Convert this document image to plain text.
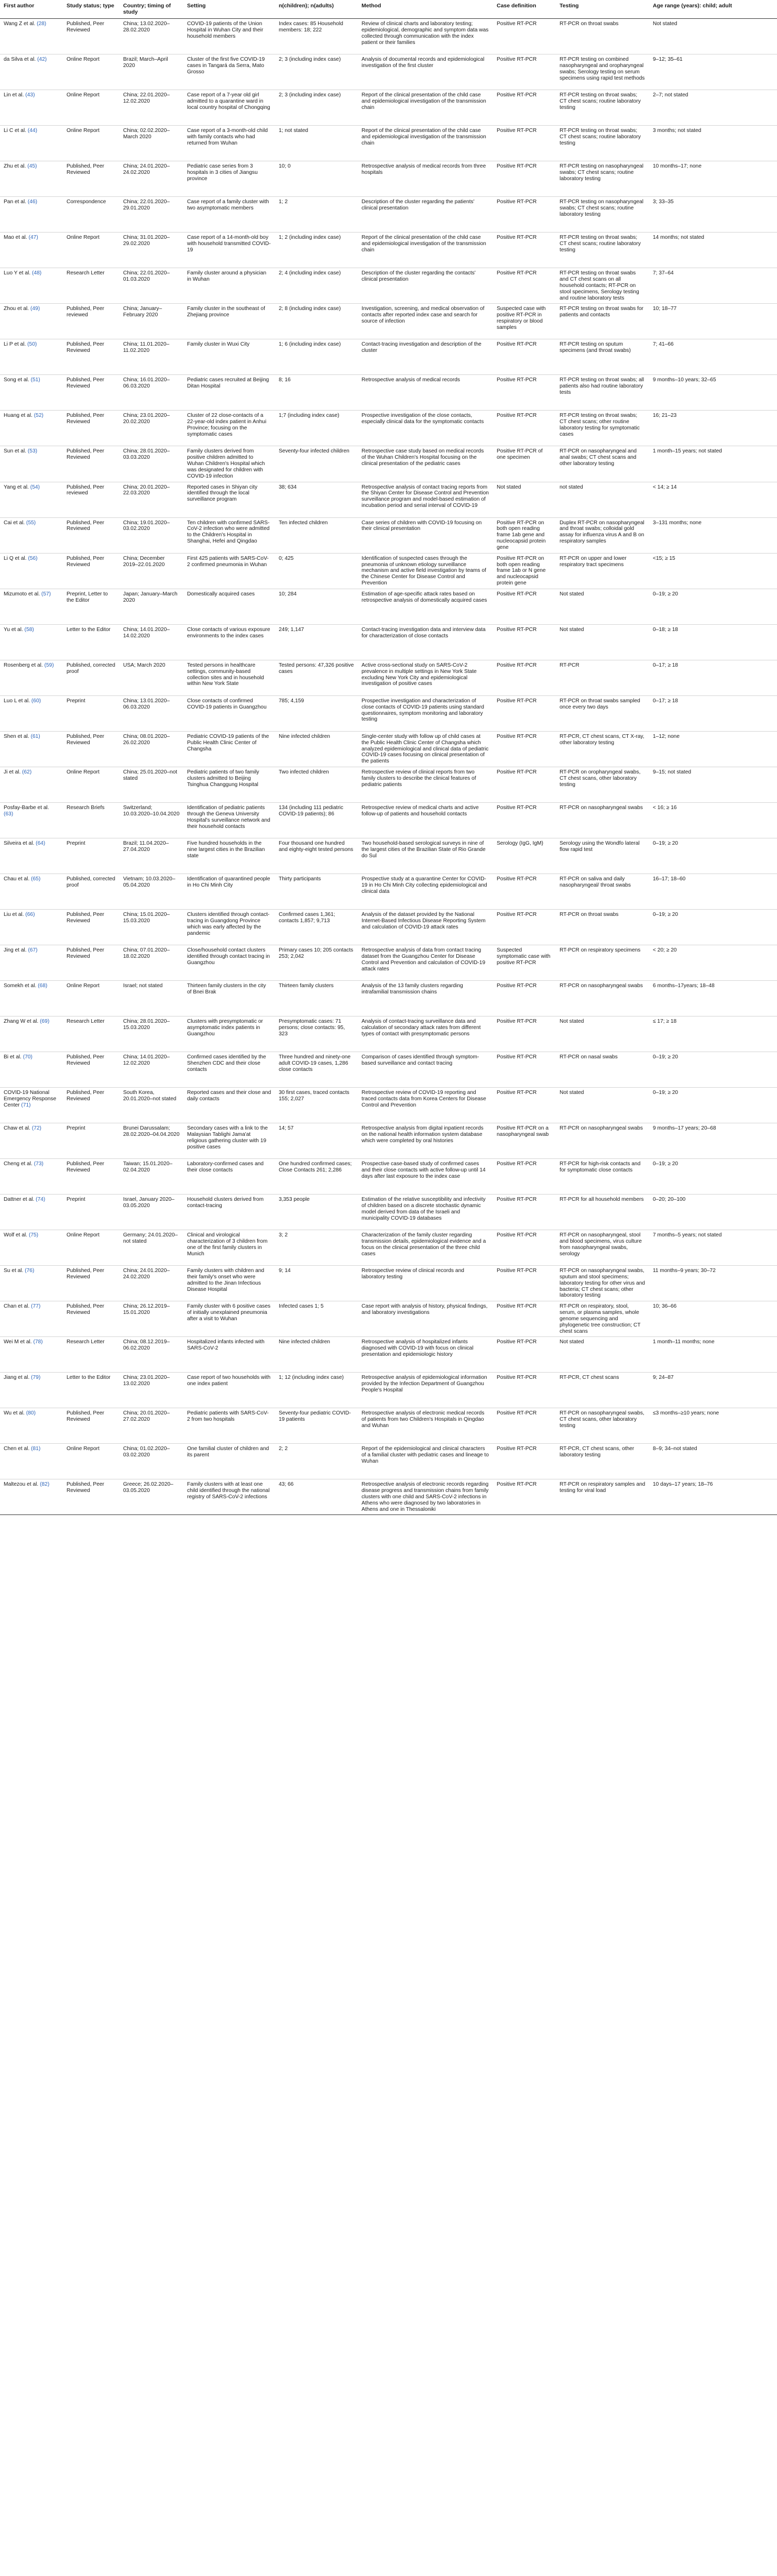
First author	Study status; type	Country; timing of study	Setting	n(children); n(adults)	Method	Case definition	Testing	Age range (years): child; adult
Wang Z et al. (28)	Published, Peer Reviewed	China; 13.02.2020–28.02.2020	COVID-19 patients of the Union Hospital in Wuhan City and their household members	Index cases: 85 Household members: 18; 222	Review of clinical charts and laboratory testing; epidemiological, demographic and symptom data was collected through communication with the index patient or their families	Positive RT-PCR	RT-PCR on throat swabs	Not stated
da Silva et al. (42)	Online Report	Brazil; March–April 2020	Cluster of the first five COVID-19 cases in Tangará da Serra, Mato Grosso	2; 3 (including index case)	Analysis of documental records and epidemiological investigation of the first cluster	Positive RT-PCR	RT-PCR testing on combined nasopharyngeal and oropharyngeal swabs; Serology testing on serum specimens using rapid test methods	9–12; 35–61
Lin et al. (43)	Online Report	China; 22.01.2020–12.02.2020	Case report of a 7-year old girl admitted to a quarantine ward in local country hospital of Chongqing	2; 3 (including index case)	Report of the clinical presentation of the child case and epidemiological investigation of the transmission chain	Positive RT-PCR	RT-PCR testing on throat swabs; CT chest scans; routine laboratory testing	2–7; not stated
Li C et al. (44)	Online Report	China; 02.02.2020–March 2020	Case report of a 3-month-old child with family contacts who had returned from Wuhan	1; not stated	Report of the clinical presentation of the child case and epidemiological investigation of the transmission chain	Positive RT-PCR	RT-PCR testing on throat swabs; CT chest scans; routine laboratory testing	3 months; not stated
Zhu et al. (45)	Published, Peer Reviewed	China; 24.01.2020–24.02.2020	Pediatric case series from 3 hospitals in 3 cities of Jiangsu province	10; 0	Retrospective analysis of medical records from three hospitals	Positive RT-PCR	RT-PCR testing on nasopharyngeal swabs; CT chest scans; routine laboratory testing	10 months–17; none
Pan et al. (46)	Correspondence	China; 22.01.2020–29.01.2020	Case report of a family cluster with two asymptomatic members	1; 2	Description of the cluster regarding the patients' clinical presentation	Positive RT-PCR	RT-PCR testing on nasopharyngeal swabs; CT chest scans; routine laboratory testing	3; 33–35
Mao et al. (47)	Online Report	China; 31.01.2020–29.02.2020	Case report of a 14-month-old boy with household transmitted COVID-19	1; 2 (including index case)	Report of the clinical presentation of the child case and epidemiological investigation of the transmission chain	Positive RT-PCR	RT-PCR testing on throat swabs; CT chest scans; routine laboratory testing	14 months; not stated
Luo Y et al. (48)	Research Letter	China; 22.01.2020–01.03.2020	Family cluster around a physician in Wuhan	2; 4 (including index case)	Description of the cluster regarding the contacts' clinical presentation	Positive RT-PCR	RT-PCR testing on throat swabs and CT chest scans on all household contacts; RT-PCR on stool specimens, Serology testing and routine laboratory tests	7; 37–64
Zhou et al. (49)	Published, Peer reviewed	China; January–February 2020	Family cluster in the southeast of Zhejiang province	2; 8 (including index case)	Investigation, screening, and medical observation of contacts after reported index case and search for source of infection	Suspected case with positive RT-PCR in respiratory or blood samples	RT-PCR testing on throat swabs for patients and contacts	10; 18–77
Li P et al. (50)	Published, Peer Reviewed	China; 11.01.2020–11.02.2020	Family cluster in Wuxi City	1; 6 (including index case)	Contact-tracing investigation and description of the cluster	Positive RT-PCR	RT-PCR testing on sputum specimens (and throat swabs)	7; 41–66
Song et al. (51)	Published, Peer Reviewed	China; 16.01.2020–06.03.2020	Pediatric cases recruited at Beijing Ditan Hospital	8; 16	Retrospective analysis of medical records	Positive RT-PCR	RT-PCR testing on throat swabs; all patients also had routine laboratory tests	9 months–10 years; 32–65
Huang et al. (52)	Published, Peer Reviewed	China; 23.01.2020–20.02.2020	Cluster of 22 close-contacts of a 22-year-old index patient in Anhui Province; focusing on the symptomatic cases	1;7 (including index case)	Prospective investigation of the close contacts, especially clinical data for the symptomatic contacts	Positive RT-PCR	RT-PCR testing on throat swabs; CT chest scans; other routine laboratory testing for symptomatic cases	16; 21–23
Sun et al. (53)	Published, Peer Reviewed	China; 28.01.2020–03.03.2020	Family clusters derived from positive children admitted to Wuhan Children's Hospital which was designated for children with COVID-19 infection	Seventy-four infected children	Retrospective case study based on medical records of the Wuhan Children's Hospital focusing on the clinical presentation of the pediatric cases	Positive RT-PCR of one specimen	RT-PCR on nasopharyngeal and anal swabs; CT chest scans and other laboratory testing	1 month–15 years; not stated
Yang et al. (54)	Published, Peer reviewed	China; 20.01.2020–22.03.2020	Reported cases in Shiyan city identified through the local surveillance program	38; 634	Retrospective analysis of contact tracing reports from the Shiyan Center for Disease Control and Prevention surveillance program and model-based estimation of incubation period and serial interval of COVID-19	Not stated	not stated	< 14; ≥ 14
Cai et al. (55)	Published, Peer Reviewed	China; 19.01.2020–03.02.2020	Ten children with confirmed SARS-CoV-2 infection who were admitted to the Children's Hospital in Shanghai, Hefei and Qingdao	Ten infected children	Case series of children with COVID-19 focusing on their clinical presentation	Positive RT-PCR on both open reading frame 1ab gene and nucleocapsid protein gene	Duplex RT-PCR on nasopharyngeal and throat swabs; colloidal gold assay for influenza virus A and B on respiratory samples	3–131 months; none
Li Q et al. (56)	Published, Peer Reviewed	China; December 2019–22.01.2020	First 425 patients with SARS-CoV-2 confirmed pneumonia in Wuhan	0; 425	Identification of suspected cases through the pneumonia of unknown etiology surveillance mechanism and active field investigation by teams of the Chinese Center for Disease Control and Prevention	Positive RT-PCR on both open reading frame 1ab or N gene and nucleocapsid protein gene	RT-PCR on upper and lower respiratory tract specimens	<15; ≥ 15
Mizumoto et al. (57)	Preprint, Letter to the Editor	Japan; January–March 2020	Domestically acquired cases	10; 284	Estimation of age-specific attack rates based on retrospective analysis of domestically acquired cases	Positive RT-PCR	Not stated	0–19; ≥ 20
Yu et al. (58)	Letter to the Editor	China; 14.01.2020–14.02.2020	Close contacts of various exposure environments to the index cases	249; 1,147	Contact-tracing investigation data and interview data for characterization of close contacts	Positive RT-PCR	Not stated	0–18; ≥ 18
Rosenberg et al. (59)	Published, corrected proof	USA; March 2020	Tested persons in healthcare settings, community-based collection sites and in household within New York State	Tested persons: 47,326 positive cases	Active cross-sectional study on SARS-CoV-2 prevalence in multiple settings in New York State excluding New York City and epidemiological investigation of positive cases	Positive RT-PCR	RT-PCR	0–17; ≥ 18
Luo L et al. (60)	Preprint	China; 13.01.2020–06.03.2020	Close contacts of confirmed COVID-19 patients in Guangzhou	785; 4,159	Prospective investigation and characterization of close contacts of COVID-19 patients using standard questionnaires, symptom monitoring and laboratory testing	Positive RT-PCR	RT-PCR on throat swabs sampled once every two days	0–17; ≥ 18
Shen et al. (61)	Published, Peer Reviewed	China; 08.01.2020–26.02.2020	Pediatric COVID-19 patients of the Public Health Clinic Center of Changsha	Nine infected children	Single-center study with follow up of child cases at the Public Health Clinic Center of Changsha which analyzed epidemiological and clinical data of pediatric COVID-19 cases focusing on clinical presentation of the patients	Positive RT-PCR	RT-PCR, CT chest scans, CT X-ray, other laboratory testing	1–12; none
Ji et al. (62)	Online Report	China; 25.01.2020–not stated	Pediatric patients of two family clusters admitted to Beijing Tsinghua Changgung Hospital	Two infected children	Retrospective review of clinical reports from two family clusters to describe the clinical features of pediatric patients	Positive RT-PCR	RT-PCR on oropharyngeal swabs, CT chest scans, other laboratory testing	9–15; not stated
Posfay-Barbe et al. (63)	Research Briefs	Switzerland; 10.03.2020–10.04.2020	Identification of pediatric patients through the Geneva University Hospital's surveillance network and their household contacts	134 (including 111 pediatric COVID-19 patients); 86	Retrospective review of medical charts and active follow-up of patients and household contacts	Positive RT-PCR	RT-PCR on nasopharyngeal swabs	< 16; ≥ 16
Silveira et al. (64)	Preprint	Brazil; 11.04.2020–27.04.2020	Five hundred households in the nine largest cities in the Brazilian state	Four thousand one hundred and eighty-eight tested persons	Two household-based serological surveys in nine of the largest cities of the Brazilian State of Rio Grande do Sul	Serology (IgG, IgM)	Serology using the Wondfo lateral flow rapid test	0–19; ≥ 20
Chau et al. (65)	Published, corrected proof	Vietnam; 10.03.2020–05.04.2020	Identification of quarantined people in Ho Chi Minh City	Thirty participants	Prospective study at a quarantine Center for COVID-19 in Ho Chi Minh City collecting epidemiological and clinical data	Positive RT-PCR	RT-PCR on saliva and daily nasopharyngeal/ throat swabs	16–17; 18–60
Liu et al. (66)	Published, Peer Reviewed	China; 15.01.2020–15.03.2020	Clusters identified through contact-tracing in Guangdong Province which was early affected by the pandemic	Confirmed cases 1,361; contacts 1,857; 9,713	Analysis of the dataset provided by the National Internet-Based Infectious Disease Reporting System and calculation of COVID-19 attack rates	Positive RT-PCR	RT-PCR on throat swabs	0–19; ≥ 20
Jing et al. (67)	Published, Peer Reviewed	China; 07.01.2020–18.02.2020	Close/household contact clusters identified through contact tracing in Guangzhou	Primary cases 10; 205 contacts 253; 2,042	Retrospective analysis of data from contact tracing dataset from the Guangzhou Center for Disease Control and Prevention and calculation of COVID-19 attack rates	Suspected symptomatic case with positive RT-PCR	RT-PCR on respiratory specimens	< 20; ≥ 20
Somekh et al. (68)	Online Report	Israel; not stated	Thirteen family clusters in the city of Bnei Brak	Thirteen family clusters	Analysis of the 13 family clusters regarding intrafamilial transmission chains	Positive RT-PCR	RT-PCR on nasopharyngeal swabs	6 months–17years; 18–48
Zhang W et al. (69)	Research Letter	China; 28.01.2020–15.03.2020	Clusters with presymptomatic or asymptomatic index patients in Guangzhou	Presymptomatic cases: 71 persons; close contacts: 95, 323	Analysis of contact-tracing surveillance data and calculation of secondary attack rates from different types of contact with presymptomatic persons	Positive RT-PCR	Not stated	≤ 17; ≥ 18
Bi et al. (70)	Published, Peer Reviewed	China; 14.01.2020–12.02.2020	Confirmed cases identified by the Shenzhen CDC and their close contacts	Three hundred and ninety-one adult COVID-19 cases, 1,286 close contacts	Comparison of cases identified through symptom-based surveillance and contact tracing	Positive RT-PCR	RT-PCR on nasal swabs	0–19; ≥ 20
COVID-19 National Emergency Response Center (71)	Published, Peer Reviewed	South Korea, 20.01.2020–not stated	Reported cases and their close and daily contacts	30 first cases, traced contacts 155; 2,027	Retrospective review of COVID-19 reporting and traced contacts data from Korea Centers for Disease Control and Prevention	Positive RT-PCR	Not stated	0–19; ≥ 20
Chaw et al. (72)	Preprint	Brunei Darussalam; 28.02.2020–04.04.2020	Secondary cases with a link to the Malaysian Tablighi Jama'at religious gathering cluster with 19 positive cases	14; 57	Retrospective analysis from digital inpatient records on the national health information system database which were completed by oral histories	Positive RT-PCR on a nasopharyngeal swab	RT-PCR on nasopharyngeal swabs	9 months–17 years; 20–68
Cheng et al. (73)	Published, Peer Reviewed	Taiwan; 15.01.2020–02.04.2020	Laboratory-confirmed cases and their close contacts	One hundred confirmed cases; Close Contacts 261; 2,286	Prospective case-based study of confirmed cases and their close contacts with active follow-up until 14 days after last exposure to the index case	Positive RT-PCR	RT-PCR for high-risk contacts and for symptomatic close contacts	0–19; ≥ 20
Dattner et al. (74)	Preprint	Israel, January 2020–03.05.2020	Household clusters derived from contact-tracing	3,353 people	Estimation of the relative susceptibility and infectivity of children based on a discrete stochastic dynamic model derived from data of the Israeli and municipality COVID-19 databases	Positive RT-PCR	RT-PCR for all household members	0–20; 20–100
Wolf et al. (75)	Online Report	Germany; 24.01.2020–not stated	Clinical and virological characterization of 3 children from one of the first family clusters in Munich	3; 2	Characterization of the family cluster regarding transmission details, epidemiological evidence and a focus on the clinical presentation of the three child cases	Positive RT-PCR	RT-PCR on nasopharyngeal, stool and blood specimens, virus culture from nasopharyngeal swabs, serology	7 months–5 years; not stated
Su et al. (76)	Published, Peer Reviewed	China; 24.01.2020–24.02.2020	Family clusters with children and their family's onset who were admitted to the Jinan Infectious Disease Hospital	9; 14	Retrospective review of clinical records and laboratory testing	Positive RT-PCR	RT-PCR on nasopharyngeal swabs, sputum and stool specimens; laboratory testing for other virus and bacteria; CT chest scans; other laboratory testing	11 months–9 years; 30–72
Chan et al. (77)	Published, Peer Reviewed	China; 26.12.2019–15.01.2020	Family cluster with 6 positive cases of initially unexplained pneumonia after a visit to Wuhan	Infected cases 1; 5	Case report with analysis of history, physical findings, and laboratory investigations	Positive RT-PCR	RT-PCR on respiratory, stool, serum, or plasma samples, whole genome sequencing and phylogenetic tree construction; CT chest scans	10; 36–66
Wei M et al. (78)	Research Letter	China; 08.12.2019–06.02.2020	Hospitalized infants infected with SARS-CoV-2	Nine infected children	Retrospective analysis of hospitalized infants diagnosed with COVID-19 with focus on clinical presentation and epidemiologic history	Positive RT-PCR	Not stated	1 month–11 months; none
Jiang et al. (79)	Letter to the Editor	China; 23.01.2020–13.02.2020	Case report of two households with one index patient	1; 12 (including index case)	Retrospective analysis of epidemiological information provided by the Infection Department of Guangzhou People's Hospital	Positive RT-PCR	RT-PCR, CT chest scans	9; 24–87
Wu et al. (80)	Published, Peer Reviewed	China; 20.01.2020–27.02.2020	Pediatric patients with SARS-CoV-2 from two hospitals	Seventy-four pediatric COVID-19 patients	Retrospective analysis of electronic medical records of patients from two Children's Hospitals in Qingdao and Wuhan	Positive RT-PCR	RT-PCR on nasopharyngeal swabs, CT chest scans, other laboratory testing	≤3 months–≥10 years; none
Chen et al. (81)	Online Report	China; 01.02.2020–03.02.2020	One familial cluster of children and its parent	2; 2	Report of the epidemiological and clinical characters of a familial cluster with pediatric cases and lineage to Wuhan	Positive RT-PCR	RT-PCR, CT chest scans, other laboratory testing	8–9; 34–not stated
Maltezou et al. (82)	Published, Peer Reviewed	Greece; 26.02.2020–03.05.2020	Family clusters with at least one child identified through the national registry of SARS-CoV-2 infections	43; 66	Retrospective analysis of electronic records regarding disease progress and transmission chains from family clusters with one child and SARS-CoV-2 infections in Athens who were diagnosed by two laboratories in Athens and one in Thessaloniki	Positive RT-PCR	RT-PCR on respiratory samples and testing for viral load	10 days–17 years; 18–76
